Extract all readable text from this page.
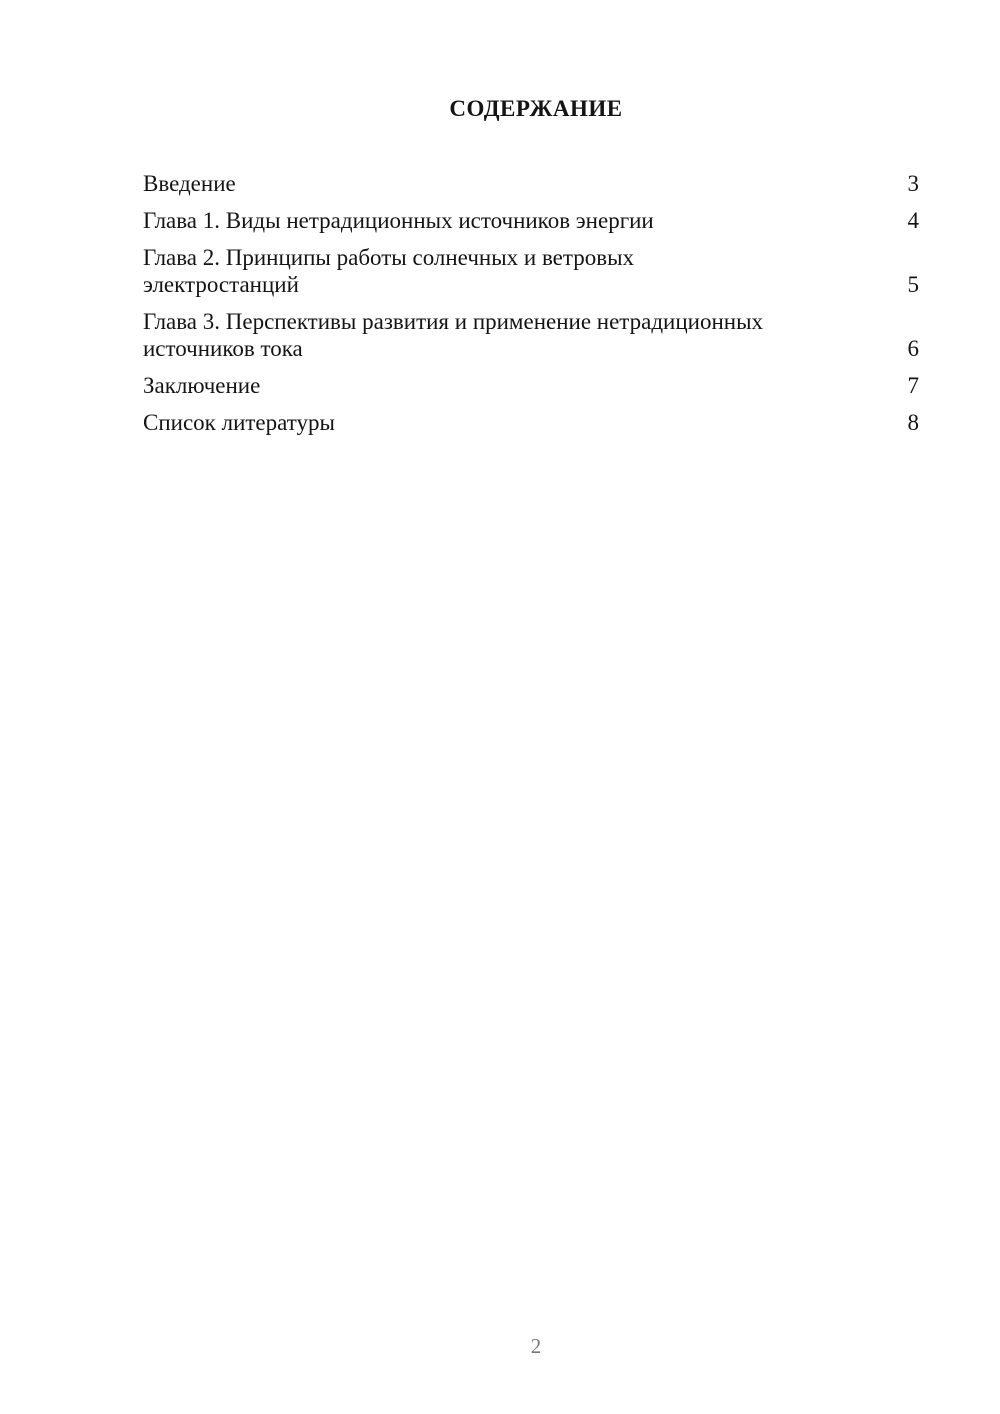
СОДЕРЖАНИЕ
Введение	3
Глава 1. Виды нетрадиционных источников энергии	4
Глава 2. Принципы работы солнечных и ветровых электростанций	5
Глава 3. Перспективы развития и применение нетрадиционных источников тока	6
Заключение	7
Список литературы	8
2
